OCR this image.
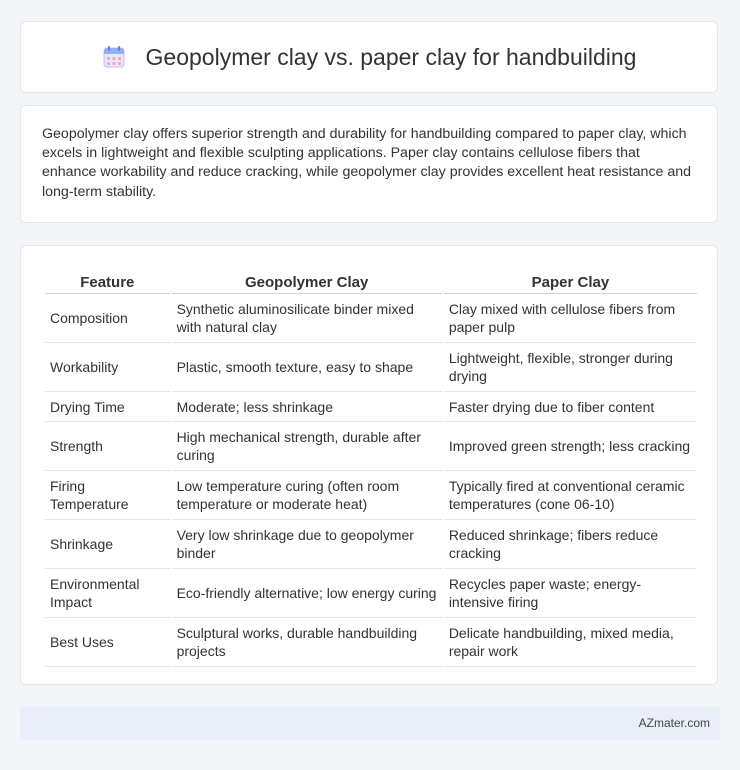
Geopolymer clay vs. paper clay for handbuilding

Geopolymer clay offers superior strength and durability for handbuilding compared to paper clay, which excels in lightweight and flexible sculpting applications. Paper clay contains cellulose fibers that enhance workability and reduce cracking, while geopolymer clay provides excellent heat resistance and long-term stability.

Feature	Geopolymer Clay	Paper Clay
Composition	Synthetic aluminosilicate binder mixed with natural clay	Clay mixed with cellulose fibers from paper pulp
Workability	Plastic, smooth texture, easy to shape	Lightweight, flexible, stronger during drying
Drying Time	Moderate; less shrinkage	Faster drying due to fiber content
Strength	High mechanical strength, durable after curing	Improved green strength; less cracking
Firing Temperature	Low temperature curing (often room temperature or moderate heat)	Typically fired at conventional ceramic temperatures (cone 06-10)
Shrinkage	Very low shrinkage due to geopolymer binder	Reduced shrinkage; fibers reduce cracking
Environmental Impact	Eco-friendly alternative; low energy curing	Recycles paper waste; energy-intensive firing
Best Uses	Sculptural works, durable handbuilding projects	Delicate handbuilding, mixed media, repair work
AZmater.com
